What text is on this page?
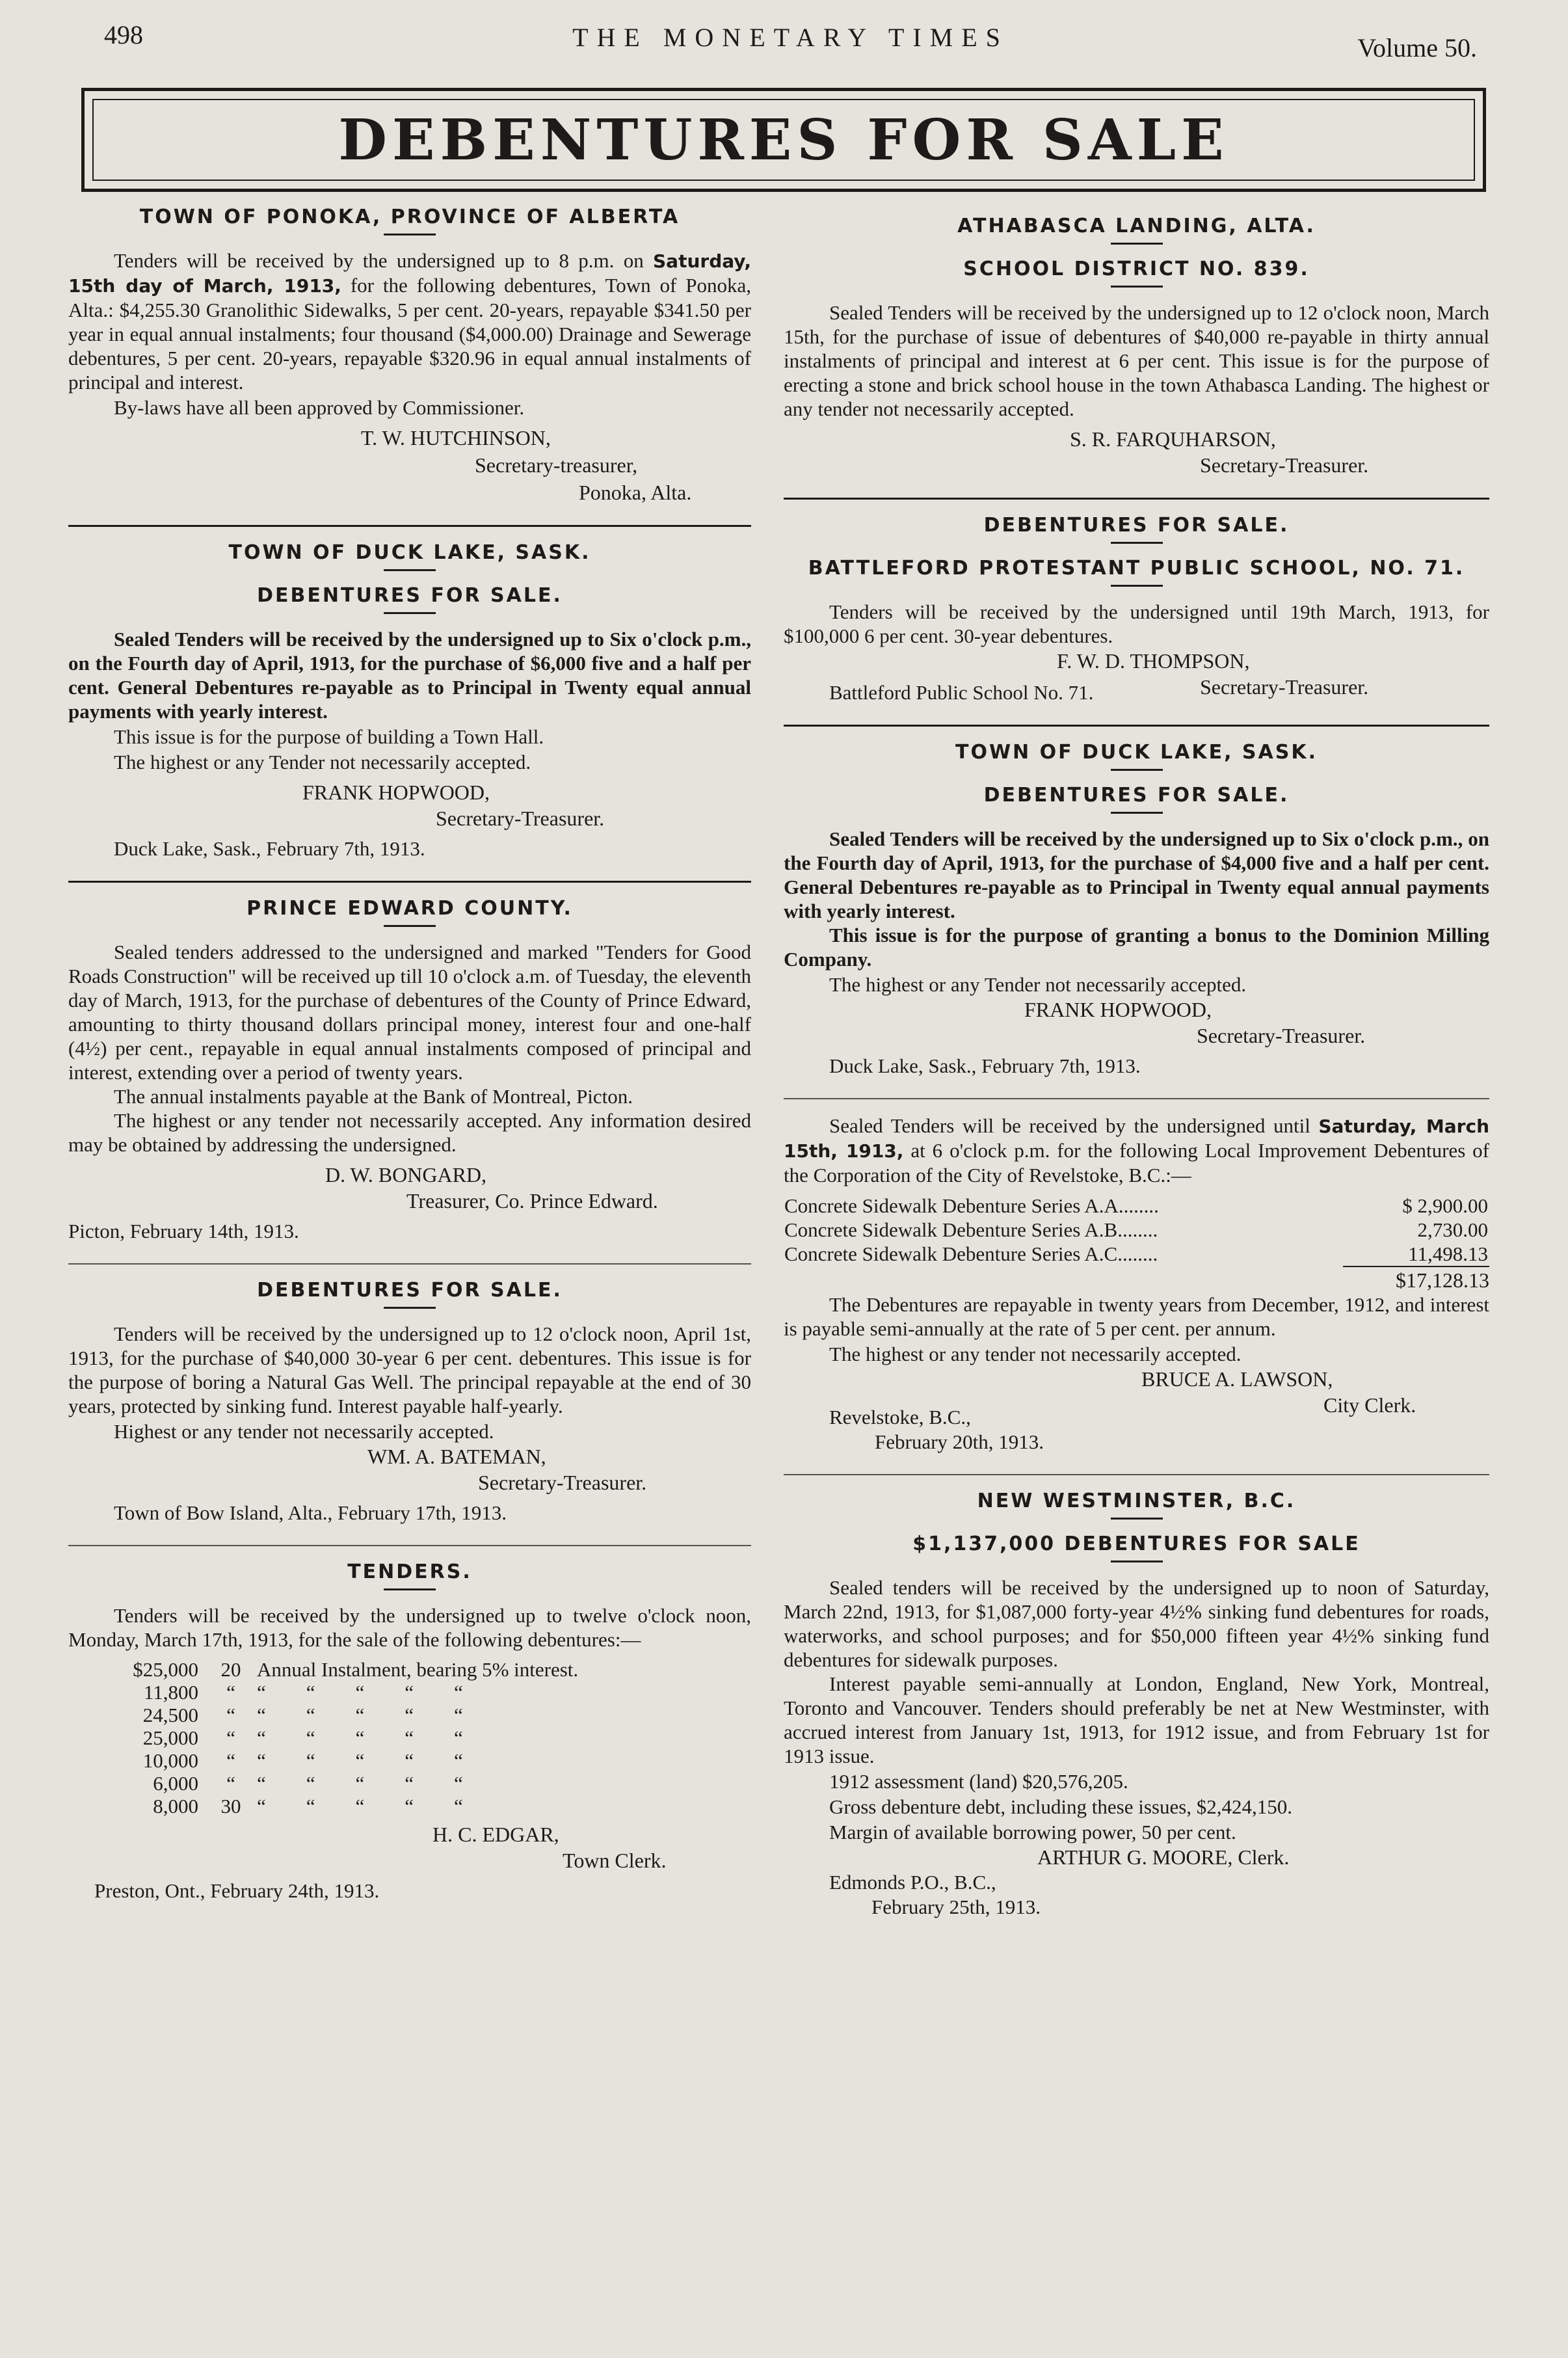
498	THE MONETARY TIMES	Volume 50.
DEBENTURES FOR SALE
TOWN OF PONOKA, PROVINCE OF ALBERTA

Tenders will be received by the undersigned up to 8 p.m. on Saturday, 15th day of March, 1913, for the following debentures, Town of Ponoka, Alta.: $4,255.30 Granolithic Sidewalks, 5 per cent. 20-years, repayable $341.50 per year in equal annual instalments; four thousand ($4,000.00) Drainage and Sewerage debentures, 5 per cent. 20-years, repayable $320.96 in equal annual instalments of principal and interest.

By-laws have all been approved by Commissioner.

T. W. HUTCHINSON,
Secretary-treasurer,
Ponoka, Alta.
TOWN OF DUCK LAKE, SASK.
DEBENTURES FOR SALE.

Sealed Tenders will be received by the undersigned up to Six o'clock p.m., on the Fourth day of April, 1913, for the purchase of $6,000 five and a half per cent. General Debentures re-payable as to Principal in Twenty equal annual payments with yearly interest.

This issue is for the purpose of building a Town Hall.

The highest or any Tender not necessarily accepted.

FRANK HOPWOOD,
Secretary-Treasurer.

Duck Lake, Sask., February 7th, 1913.

PRINCE EDWARD COUNTY.

Sealed tenders addressed to the undersigned and marked "Tenders for Good Roads Construction" will be received up till 10 o'clock a.m. of Tuesday, the eleventh day of March, 1913, for the purchase of debentures of the County of Prince Edward, amounting to thirty thousand dollars principal money, interest four and one-half (4½) per cent., repayable in equal annual instalments composed of principal and interest, extending over a period of twenty years.

The annual instalments payable at the Bank of Montreal, Picton.

The highest or any tender not necessarily accepted. Any information desired may be obtained by addressing the undersigned.

D. W. BONGARD,
Treasurer, Co. Prince Edward.

Picton, February 14th, 1913.

DEBENTURES FOR SALE.

Tenders will be received by the undersigned up to 12 o'clock noon, April 1st, 1913, for the purchase of $40,000 30-year 6 per cent. debentures. This issue is for the purpose of boring a Natural Gas Well. The principal repayable at the end of 30 years, protected by sinking fund. Interest payable half-yearly.

Highest or any tender not necessarily accepted.

WM. A. BATEMAN,
Secretary-Treasurer.

Town of Bow Island, Alta., February 17th, 1913.

TENDERS.

Tenders will be received by the undersigned up to twelve o'clock noon, Monday, March 17th, 1913, for the sale of the following debentures:—

$25,000	20	Annual Instalment, bearing 5% interest.
11,800	“	“        “        “        “        “
24,500	“	“        “        “        “        “
25,000	“	“        “        “        “        “
10,000	“	“        “        “        “        “
6,000	“	“        “        “        “        “
8,000	30	“        “        “        “        “
H. C. EDGAR,
Town Clerk.

Preston, Ont., February 24th, 1913.

ATHABASCA LANDING, ALTA.
SCHOOL DISTRICT NO. 839.

Sealed Tenders will be received by the undersigned up to 12 o'clock noon, March 15th, for the purchase of issue of debentures of $40,000 re-payable in thirty annual instalments of principal and interest at 6 per cent. This issue is for the purpose of erecting a stone and brick school house in the town Athabasca Landing. The highest or any tender not necessarily accepted.

S. R. FARQUHARSON,
Secretary-Treasurer.
DEBENTURES FOR SALE.
BATTLEFORD PROTESTANT PUBLIC SCHOOL, NO. 71.

Tenders will be received by the undersigned until 19th March, 1913, for $100,000 6 per cent. 30-year debentures.

F. W. D. THOMPSON,
Secretary-Treasurer.

Battleford Public School No. 71.

TOWN OF DUCK LAKE, SASK.
DEBENTURES FOR SALE.

Sealed Tenders will be received by the undersigned up to Six o'clock p.m., on the Fourth day of April, 1913, for the purchase of $4,000 five and a half per cent. General Debentures re-payable as to Principal in Twenty equal annual payments with yearly interest.

This issue is for the purpose of granting a bonus to the Dominion Milling Company.

The highest or any Tender not necessarily accepted.

FRANK HOPWOOD,
Secretary-Treasurer.

Duck Lake, Sask., February 7th, 1913.

Sealed Tenders will be received by the undersigned until Saturday, March 15th, 1913, at 6 o'clock p.m. for the following Local Improvement Debentures of the Corporation of the City of Revelstoke, B.C.:—

Concrete Sidewalk Debenture Series A.A........	$ 2,900.00
Concrete Sidewalk Debenture Series A.B........	2,730.00
Concrete Sidewalk Debenture Series A.C........	11,498.13
$17,128.13

The Debentures are repayable in twenty years from December, 1912, and interest is payable semi-annually at the rate of 5 per cent. per annum.

The highest or any tender not necessarily accepted.

BRUCE A. LAWSON,
City Clerk.

Revelstoke, B.C.,

February 20th, 1913.

NEW WESTMINSTER, B.C.
$1,137,000 DEBENTURES FOR SALE

Sealed tenders will be received by the undersigned up to noon of Saturday, March 22nd, 1913, for $1,087,000 forty-year 4½% sinking fund debentures for roads, waterworks, and school purposes; and for $50,000 fifteen year 4½% sinking fund debentures for sidewalk purposes.

Interest payable semi-annually at London, England, New York, Montreal, Toronto and Vancouver. Tenders should preferably be net at New Westminster, with accrued interest from January 1st, 1913, for 1912 issue, and from February 1st for 1913 issue.

1912 assessment (land) $20,576,205.

Gross debenture debt, including these issues, $2,424,150.

Margin of available borrowing power, 50 per cent.

ARTHUR G. MOORE, Clerk.

Edmonds P.O., B.C.,

February 25th, 1913.
